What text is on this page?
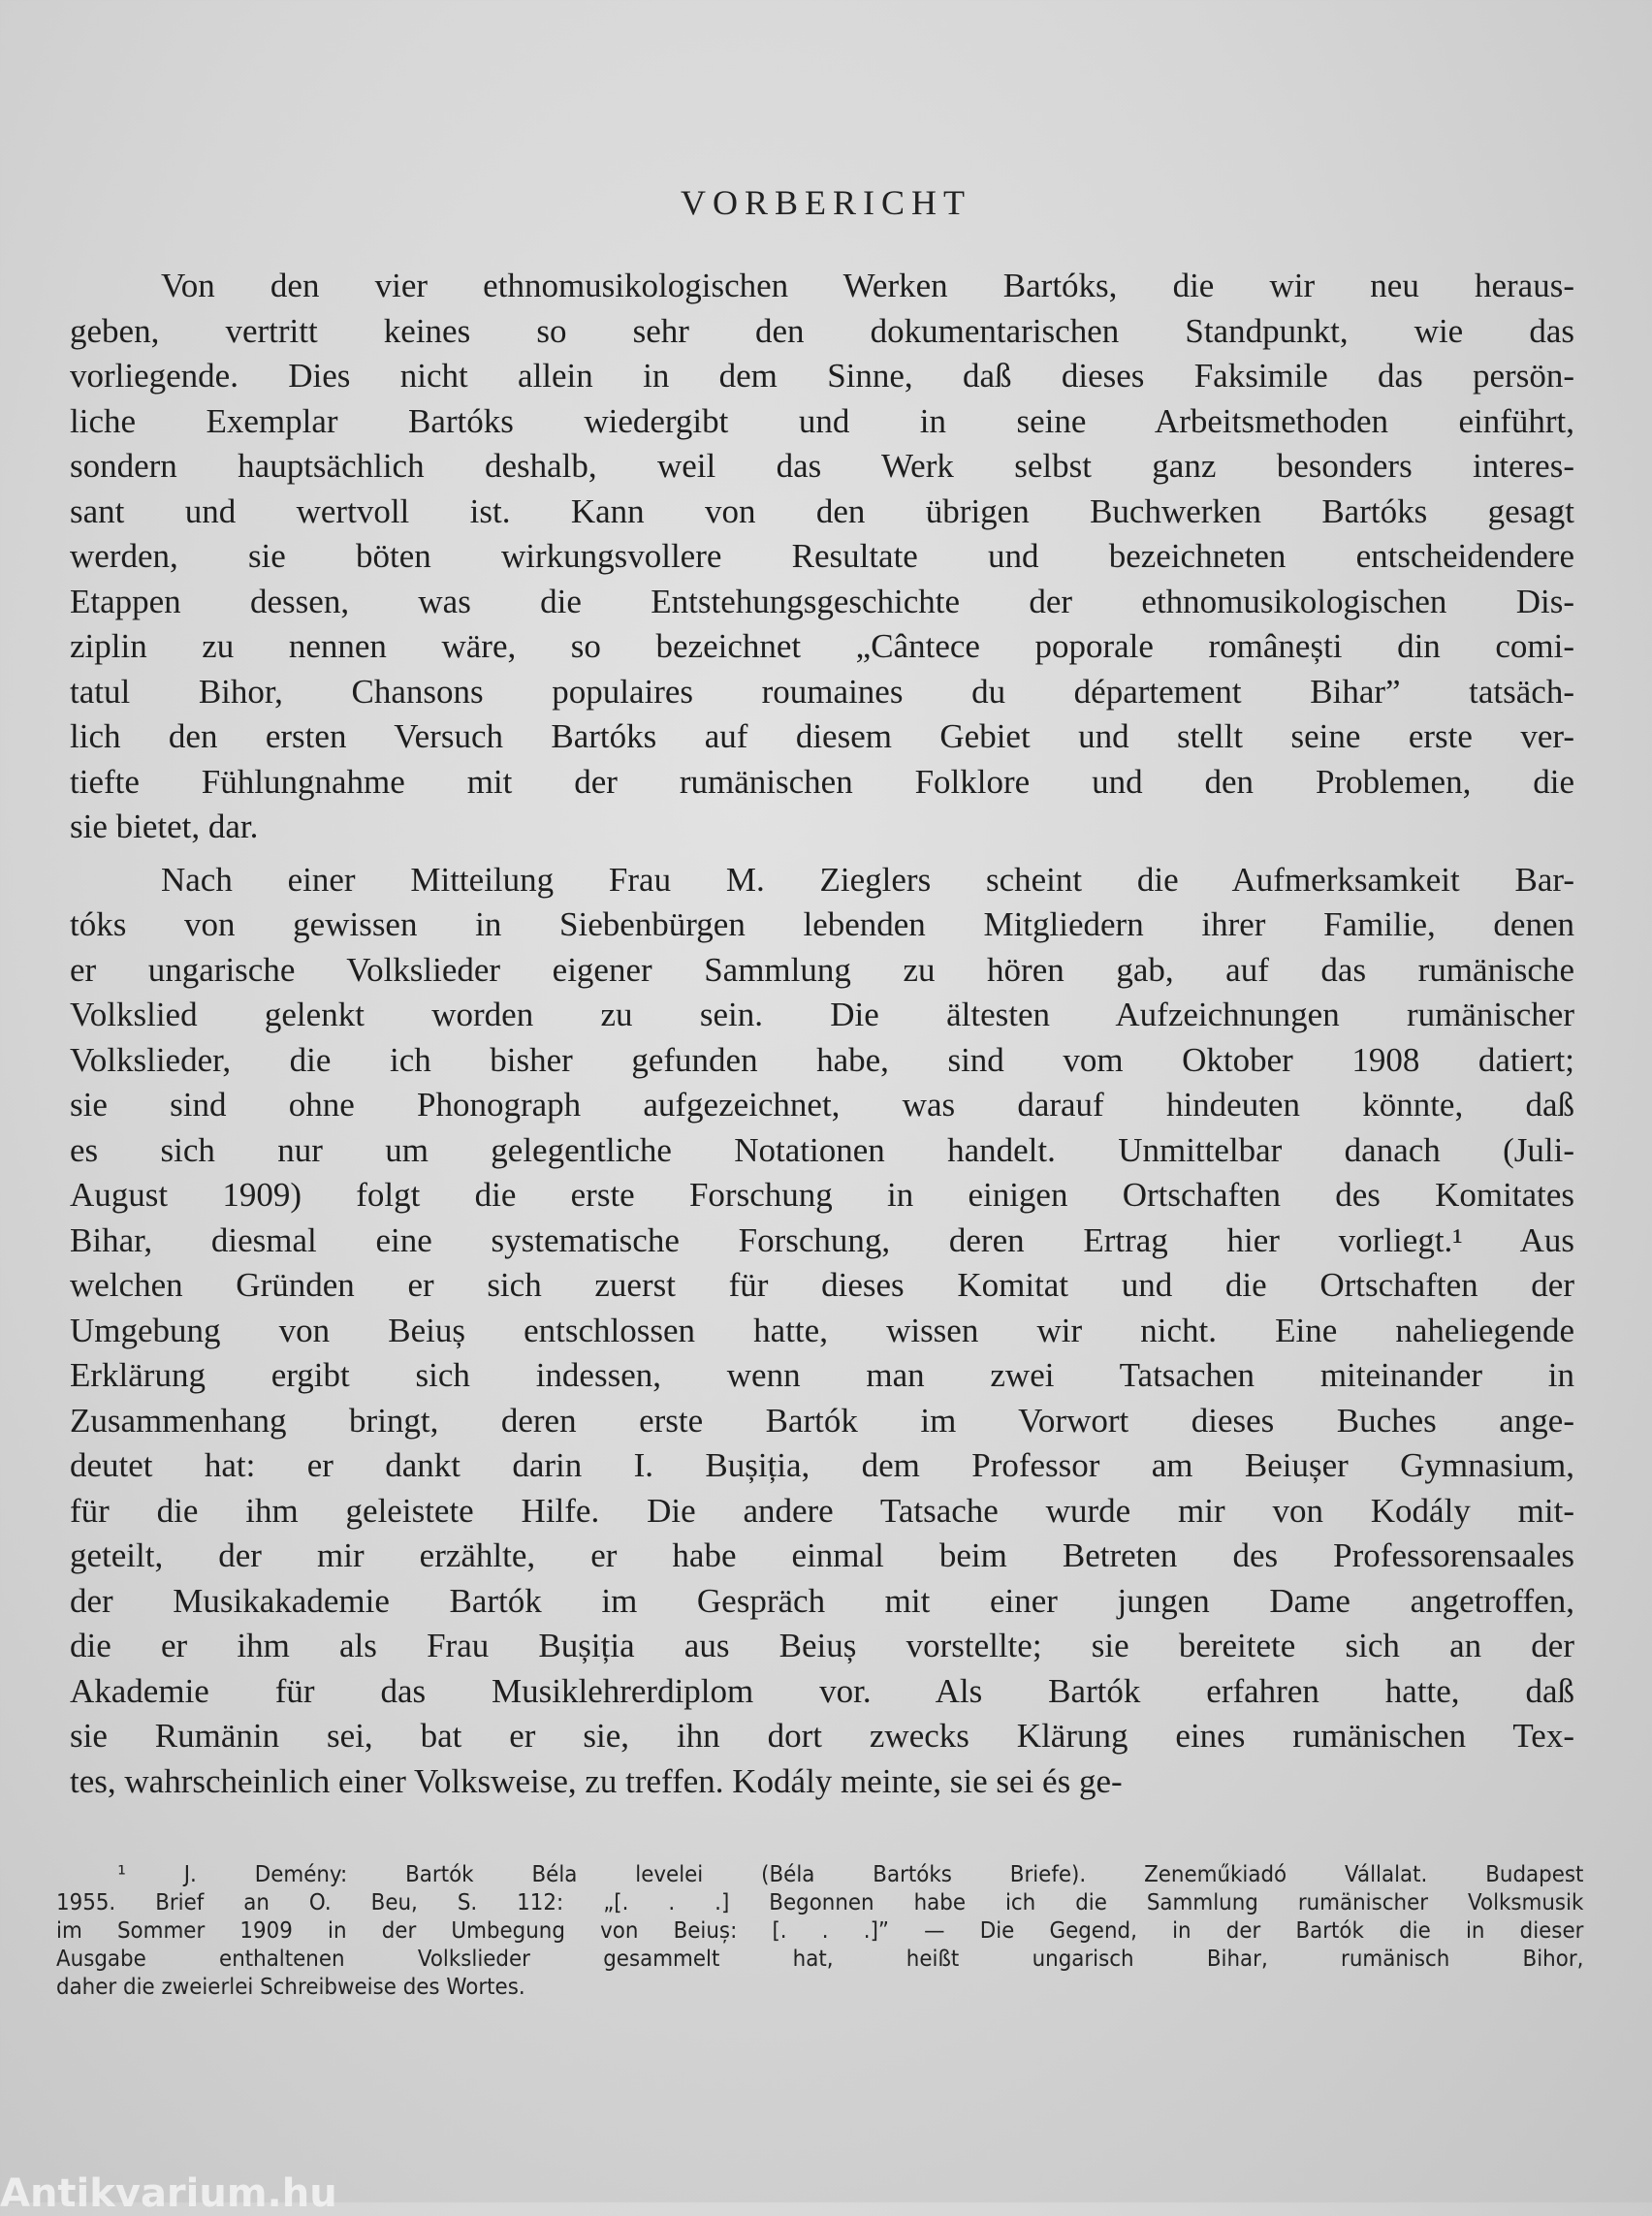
VORBERICHT
Von den vier ethnomusikologischen Werken Bartóks, die wir neu heraus-
geben, vertritt keines so sehr den dokumentarischen Standpunkt, wie das
vorliegende. Dies nicht allein in dem Sinne, daß dieses Faksimile das persön-
liche Exemplar Bartóks wiedergibt und in seine Arbeitsmethoden einführt,
sondern hauptsächlich deshalb, weil das Werk selbst ganz besonders interes-
sant und wertvoll ist. Kann von den übrigen Buchwerken Bartóks gesagt
werden, sie böten wirkungsvollere Resultate und bezeichneten entscheidendere
Etappen dessen, was die Entstehungsgeschichte der ethnomusikologischen Dis-
ziplin zu nennen wäre, so bezeichnet „Cântece poporale românești din comi-
tatul Bihor, Chansons populaires roumaines du département Bihar” tatsäch-
lich den ersten Versuch Bartóks auf diesem Gebiet und stellt seine erste ver-
tiefte Fühlungnahme mit der rumänischen Folklore und den Problemen, die
sie bietet, dar.
Nach einer Mitteilung Frau M. Zieglers scheint die Aufmerksamkeit Bar-
tóks von gewissen in Siebenbürgen lebenden Mitgliedern ihrer Familie, denen
er ungarische Volkslieder eigener Sammlung zu hören gab, auf das rumänische
Volkslied gelenkt worden zu sein. Die ältesten Aufzeichnungen rumänischer
Volkslieder, die ich bisher gefunden habe, sind vom Oktober 1908 datiert;
sie sind ohne Phonograph aufgezeichnet, was darauf hindeuten könnte, daß
es sich nur um gelegentliche Notationen handelt. Unmittelbar danach (Juli-
August 1909) folgt die erste Forschung in einigen Ortschaften des Komitates
Bihar, diesmal eine systematische Forschung, deren Ertrag hier vorliegt.¹ Aus
welchen Gründen er sich zuerst für dieses Komitat und die Ortschaften der
Umgebung von Beiuș entschlossen hatte, wissen wir nicht. Eine naheliegende
Erklärung ergibt sich indessen, wenn man zwei Tatsachen miteinander in
Zusammenhang bringt, deren erste Bartók im Vorwort dieses Buches ange-
deutet hat: er dankt darin I. Bușiția, dem Professor am Beiușer Gymnasium,
für die ihm geleistete Hilfe. Die andere Tatsache wurde mir von Kodály mit-
geteilt, der mir erzählte, er habe einmal beim Betreten des Professorensaales
der Musikakademie Bartók im Gespräch mit einer jungen Dame angetroffen,
die er ihm als Frau Bușiția aus Beiuș vorstellte; sie bereitete sich an der
Akademie für das Musiklehrerdiplom vor. Als Bartók erfahren hatte, daß
sie Rumänin sei, bat er sie, ihn dort zwecks Klärung eines rumänischen Tex-
tes, wahrscheinlich einer Volksweise, zu treffen. Kodály meinte, sie sei és ge-
¹ J. Demény: Bartók Béla levelei (Béla Bartóks Briefe). Zeneműkiadó Vállalat. Budapest
1955. Brief an O. Beu, S. 112: „[. . .] Begonnen habe ich die Sammlung rumänischer Volksmusik
im Sommer 1909 in der Umbegung von Beiuș: [. . .]” — Die Gegend, in der Bartók die in dieser
Ausgabe enthaltenen Volkslieder gesammelt hat, heißt ungarisch Bihar, rumänisch Bihor,
daher die zweierlei Schreibweise des Wortes.
Antikvarium.hu
